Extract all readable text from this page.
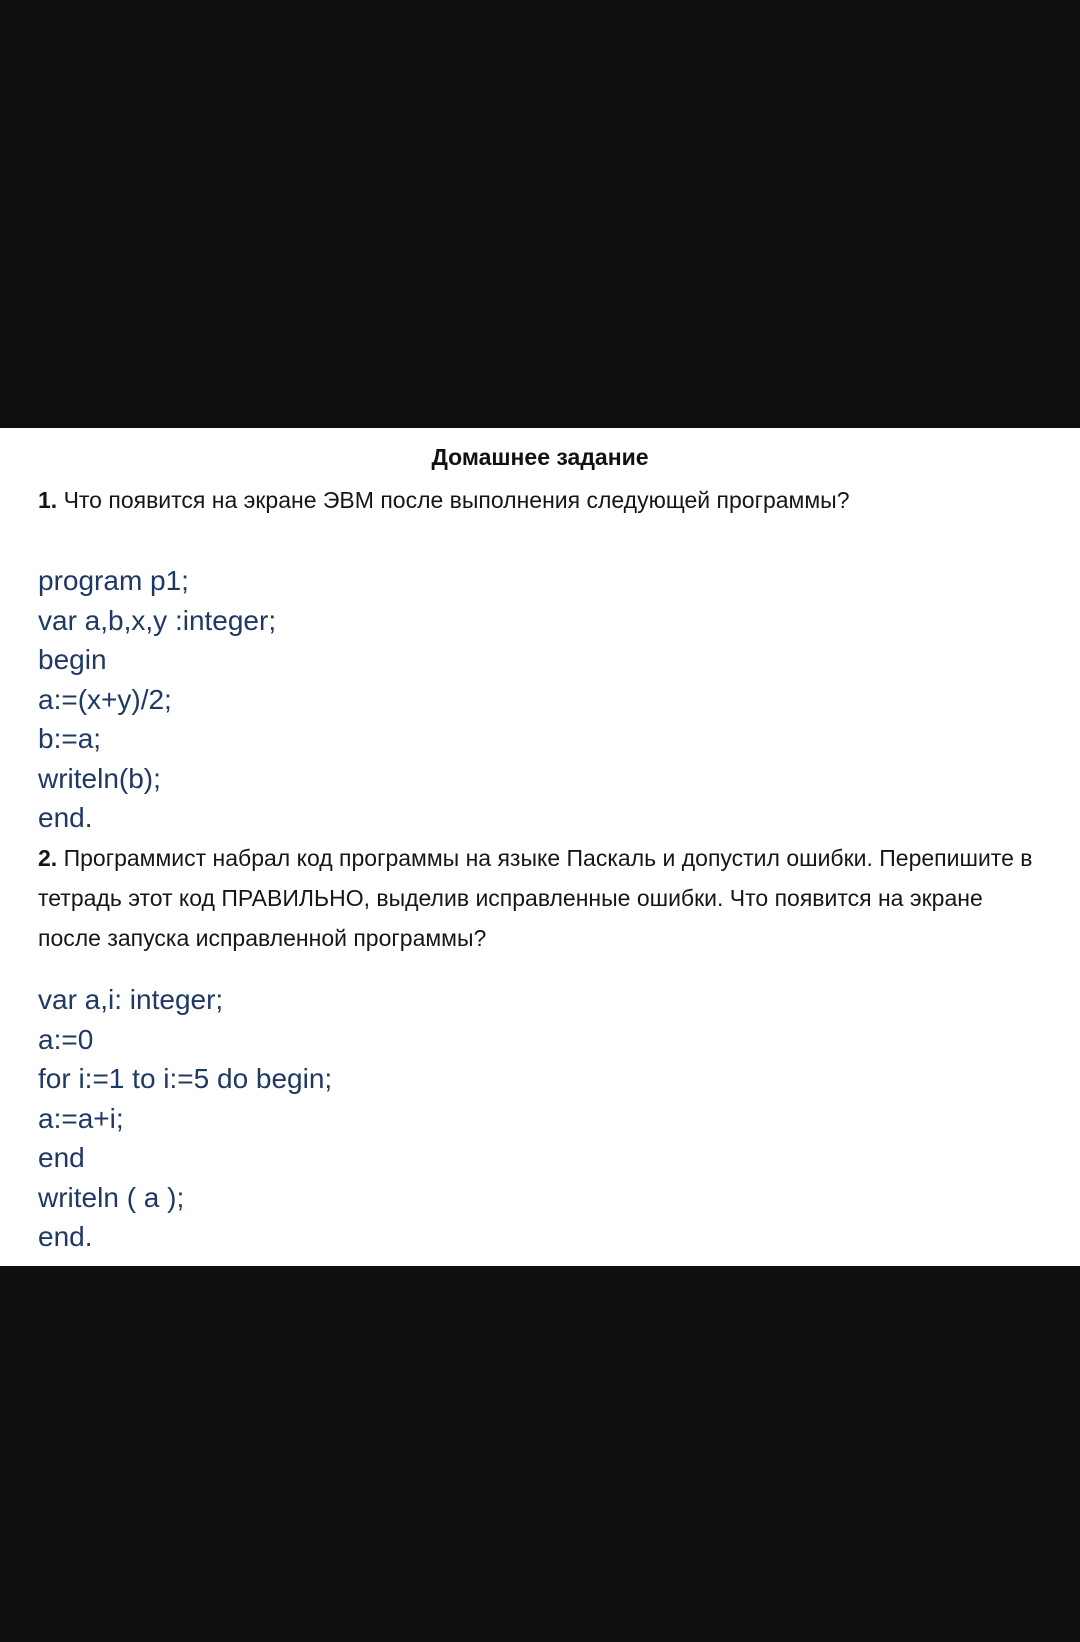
Домашнее задание
1. Что появится на экране ЭВМ после выполнения следующей программы?
program p1;
var a,b,x,y :integer;
begin
a:=(x+y)/2;
b:=a;
writeln(b);
end.
2. Программист набрал код программы на языке Паскаль и допустил ошибки. Перепишите в тетрадь этот код ПРАВИЛЬНО, выделив исправленные ошибки. Что появится на экране после запуска исправленной программы?
var a,i: integer;
a:=0
for i:=1 to i:=5 do begin;
a:=a+i;
end
writeln ( a );
end.
